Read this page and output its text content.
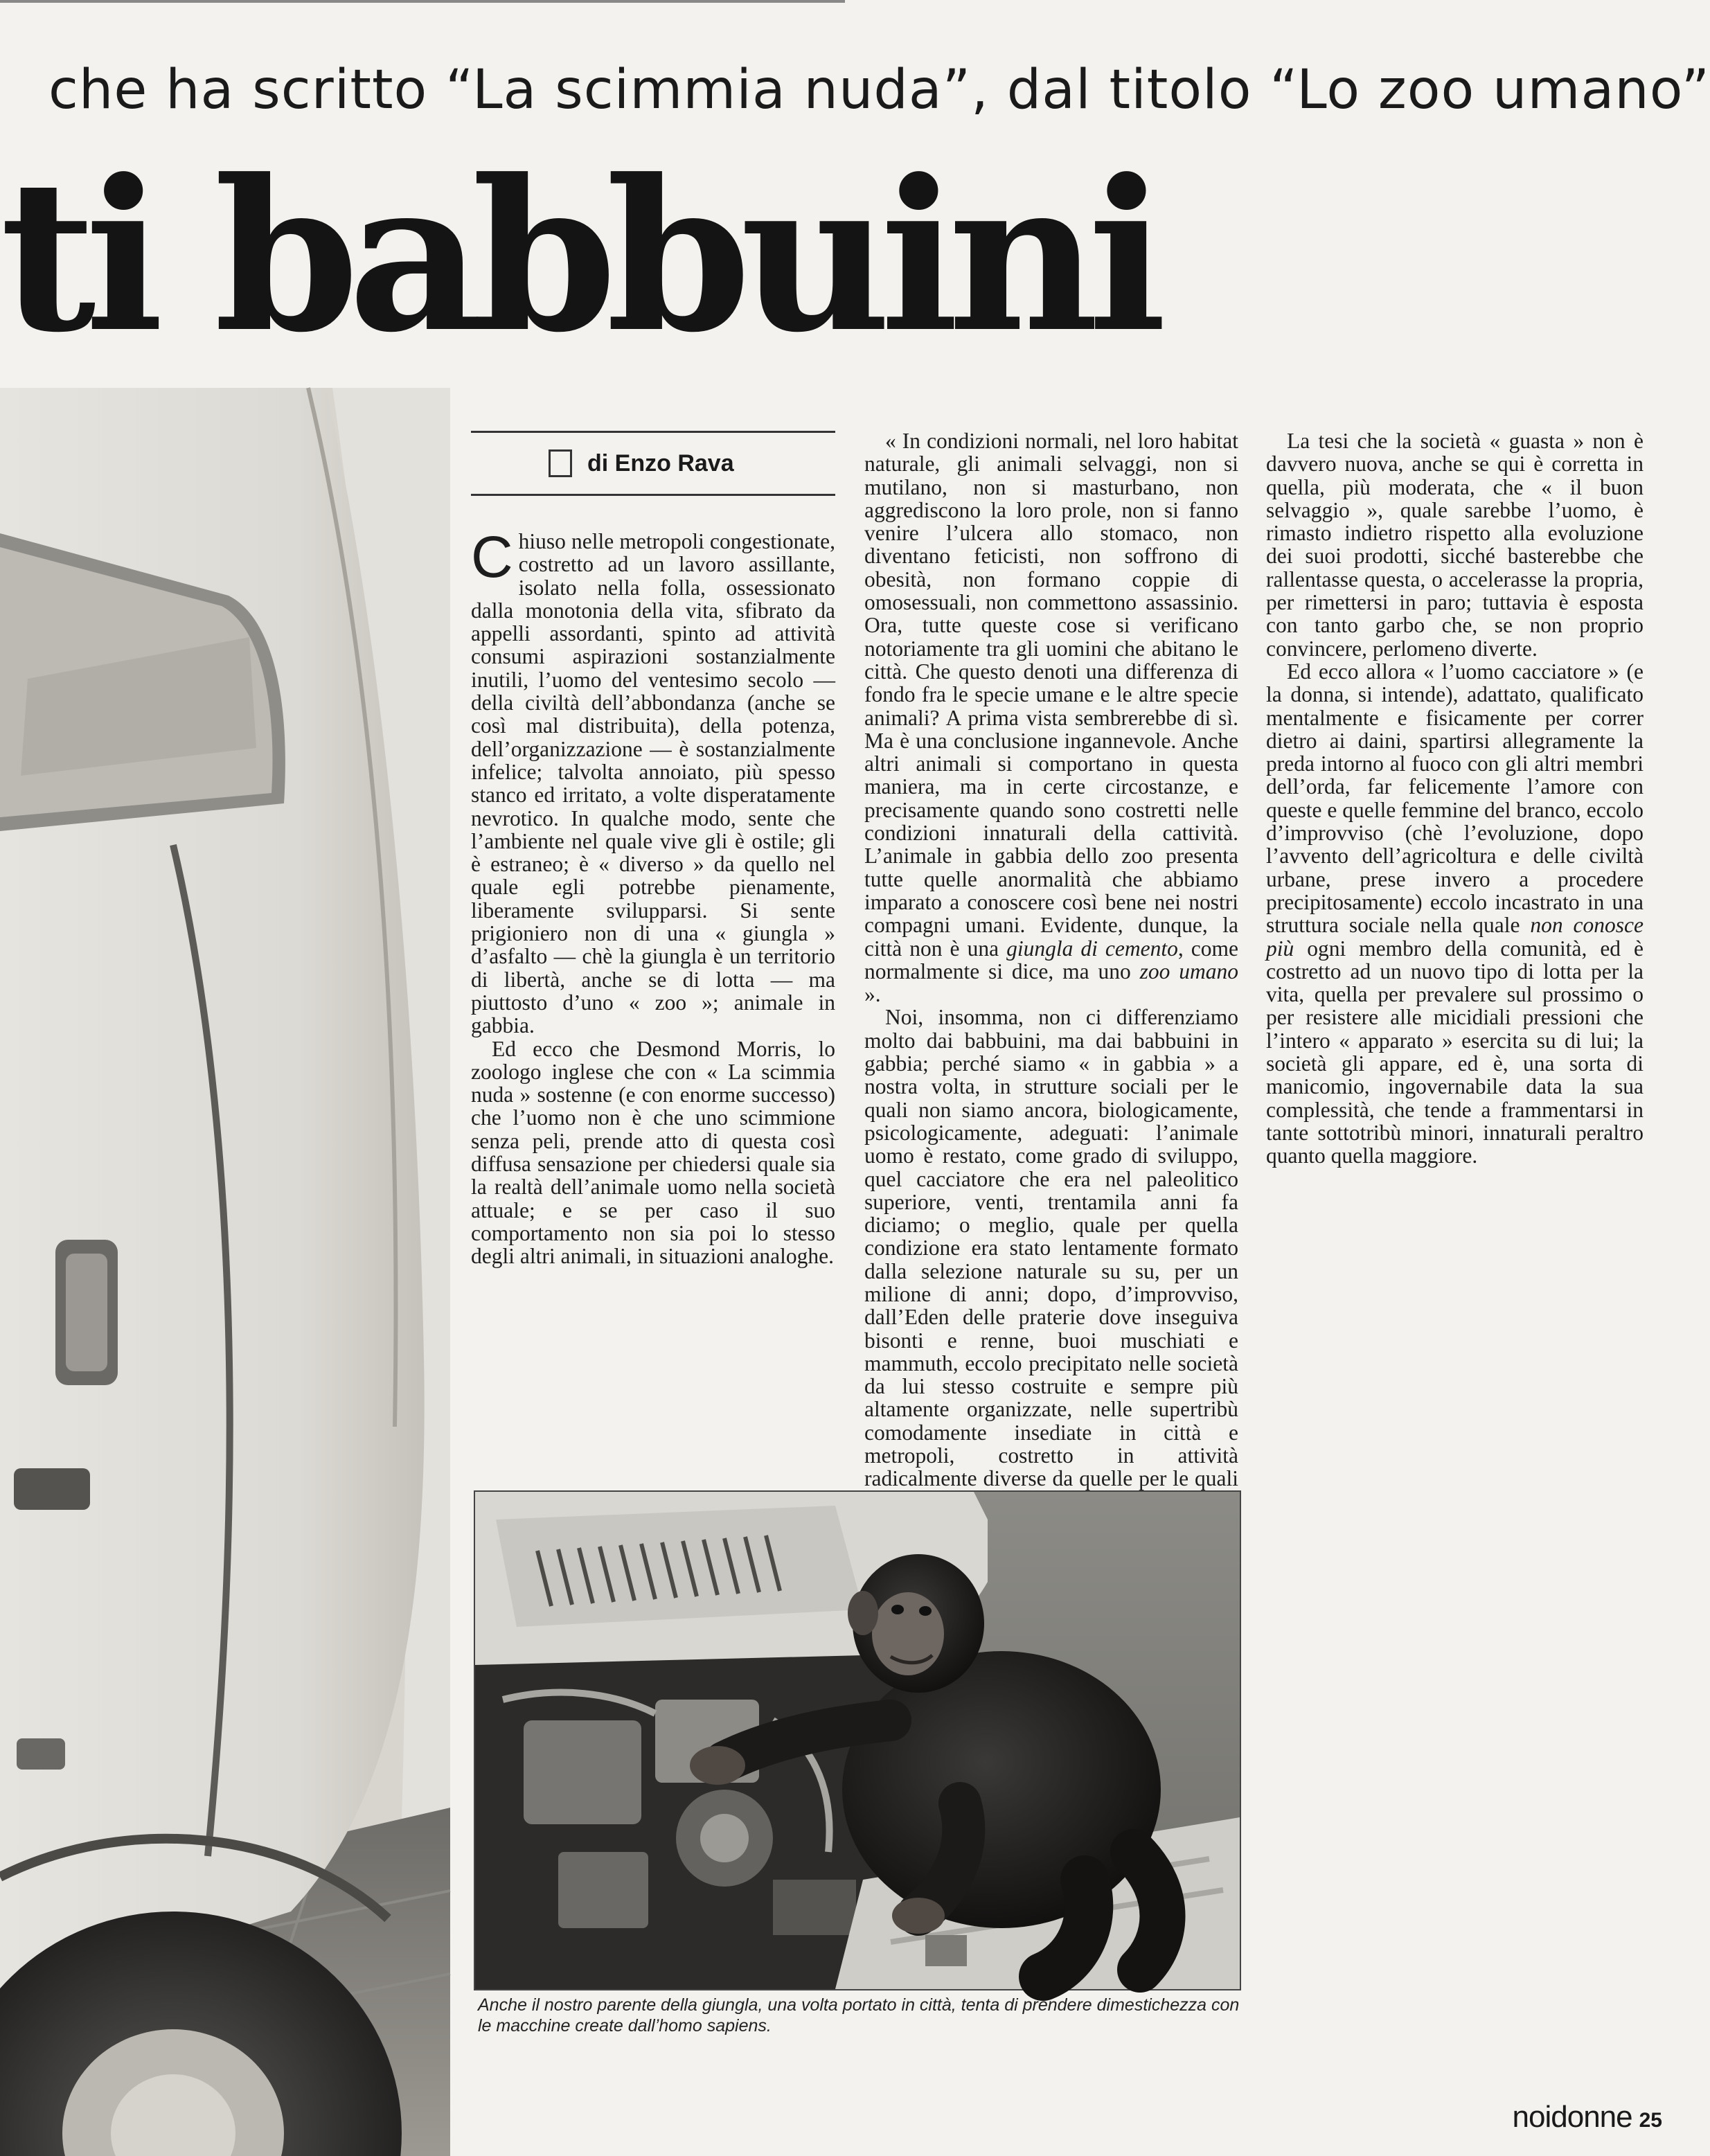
che ha scritto “La scimmia nuda”, dal titolo “Lo zoo umano”
ti babbuini
di Enzo Rava

Chiuso nelle metropoli congestionate, costretto ad un lavoro assillante, isolato nella folla, ossessionato dalla monotonia della vita, sfibrato da appelli assordanti, spinto ad attività consumi aspirazioni sostanzialmente inutili, l’uomo del ventesimo secolo — della civiltà dell’abbondanza (anche se così mal distribuita), della potenza, dell’organizzazione — è sostanzialmente infelice; talvolta annoiato, più spesso stanco ed irritato, a volte disperatamente nevrotico. In qualche modo, sente che l’ambiente nel quale vive gli è ostile; gli è estraneo; è « diverso » da quello nel quale egli potrebbe pienamente, liberamente svilupparsi. Si sente prigioniero non di una « giungla » d’asfalto — chè la giungla è un territorio di libertà, anche se di lotta — ma piuttosto d’uno « zoo »; animale in gabbia.

Ed ecco che Desmond Morris, lo zoologo inglese che con « La scimmia nuda » sostenne (e con enorme successo) che l’uomo non è che uno scimmione senza peli, prende atto di questa così diffusa sensazione per chiedersi quale sia la realtà dell’animale uomo nella società attuale; e se per caso il suo comportamento non sia poi lo stesso degli altri animali, in situazioni analoghe.

« In condizioni normali, nel loro habitat naturale, gli animali selvaggi, non si mutilano, non si masturbano, non aggrediscono la loro prole, non si fanno venire l’ulcera allo stomaco, non diventano feticisti, non soffrono di obesità, non formano coppie di omosessuali, non commettono assassinio. Ora, tutte queste cose si verificano notoriamente tra gli uomini che abitano le città. Che questo denoti una differenza di fondo fra le specie umane e le altre specie animali? A prima vista sembrerebbe di sì. Ma è una conclusione ingannevole. Anche altri animali si comportano in questa maniera, ma in certe circostanze, e precisamente quando sono costretti nelle condizioni innaturali della cattività. L’animale in gabbia dello zoo presenta tutte quelle anormalità che abbiamo imparato a conoscere così bene nei nostri compagni umani. Evidente, dunque, la città non è una giungla di cemento, come normalmente si dice, ma uno zoo umano ».

Noi, insomma, non ci differenziamo molto dai babbuini, ma dai babbuini in gabbia; perché siamo « in gabbia » a nostra volta, in strutture sociali per le quali non siamo ancora, biologicamente, psicologicamente, adeguati: l’animale uomo è restato, come grado di sviluppo, quel cacciatore che era nel paleolitico superiore, venti, trentamila anni fa diciamo; o meglio, quale per quella condizione era stato lentamente formato dalla selezione naturale su su, per un milione di anni; dopo, d’improvviso, dall’Eden delle praterie dove inseguiva bisonti e renne, buoi muschiati e mammuth, eccolo precipitato nelle società da lui stesso costruite e sempre più altamente organizzate, nelle supertribù comodamente insediate in città e metropoli, costretto in attività radicalmente diverse da quelle per le quali

La tesi che la società « guasta » non è davvero nuova, anche se qui è corretta in quella, più moderata, che « il buon selvaggio », quale sarebbe l’uomo, è rimasto indietro rispetto alla evoluzione dei suoi prodotti, sicché basterebbe che rallentasse questa, o accelerasse la propria, per rimettersi in paro; tuttavia è esposta con tanto garbo che, se non proprio convincere, perlomeno diverte.

Ed ecco allora « l’uomo cacciatore » (e la donna, si intende), adattato, qualificato mentalmente e fisicamente per correr dietro ai daini, spartirsi allegramente la preda intorno al fuoco con gli altri membri dell’orda, far felicemente l’amore con queste e quelle femmine del branco, eccolo d’improvviso (chè l’evoluzione, dopo l’avvento dell’agricoltura e delle civiltà urbane, prese invero a procedere precipitosamente) eccolo incastrato in una struttura sociale nella quale non conosce più ogni membro della comunità, ed è costretto ad un nuovo tipo di lotta per la vita, quella per prevalere sul prossimo o per resistere alle micidiali pressioni che l’intero « apparato » esercita su di lui; la società gli appare, ed è, una sorta di manicomio, ingovernabile data la sua complessità, che tende a frammentarsi in tante sottotribù minori, innaturali peraltro quanto quella maggiore.

Anche il nostro parente della giungla, una volta portato in città, tenta di prendere dimestichezza con le macchine create dall’homo sapiens.
noidonne 25
